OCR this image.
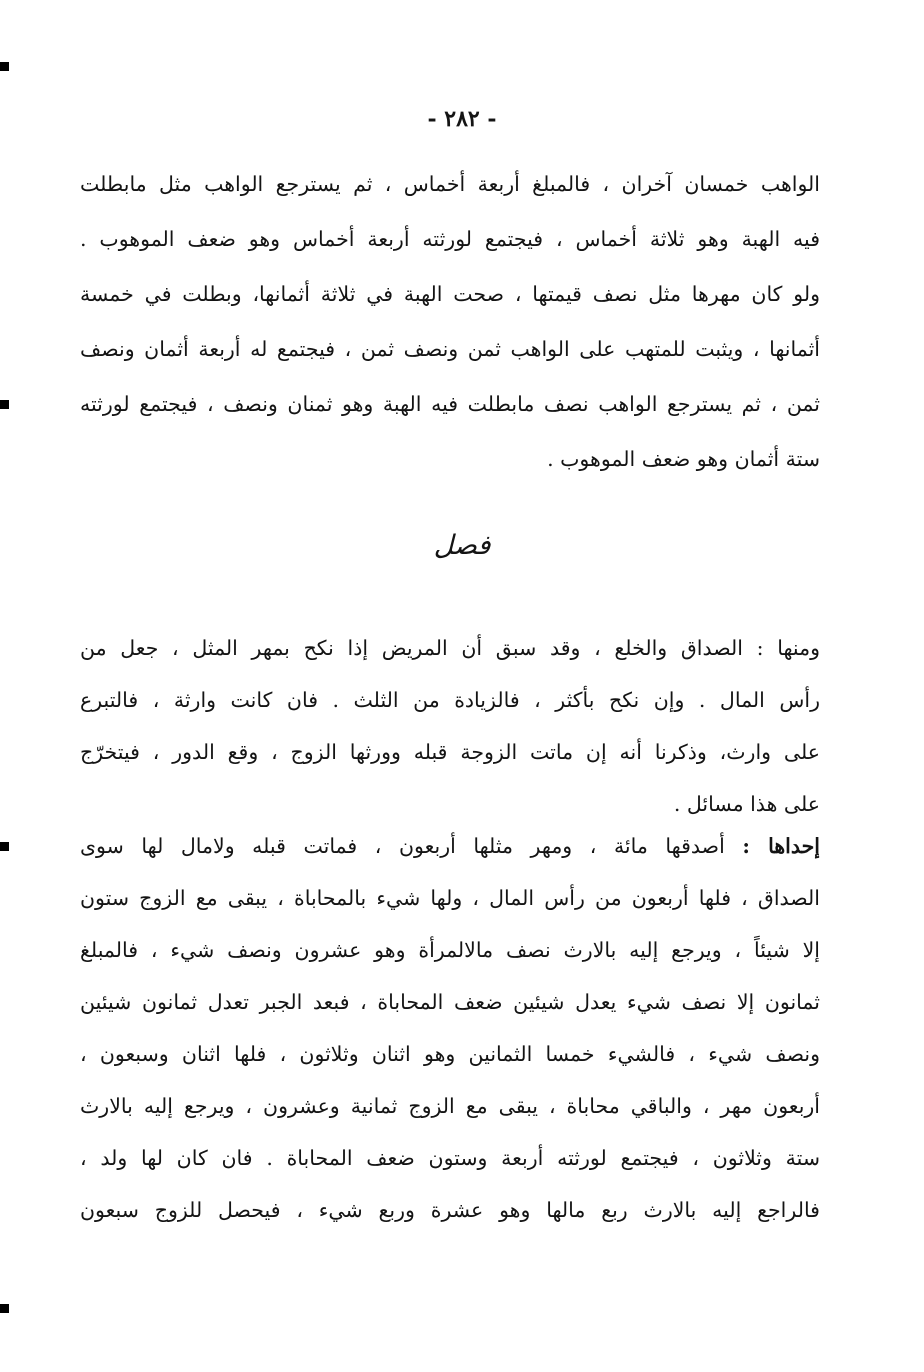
- ٢٨٢ -
الواهب خمسان آخران ، فالمبلغ أربعة أخماس ، ثم يسترجع الواهب مثل مابطلت
فيه الهبة وهو ثلاثة أخماس ، فيجتمع لورثته أربعة أخماس وهو ضعف الموهوب .
ولو كان مهرها مثل نصف قيمتها ، صحت الهبة في ثلاثة أثمانها، وبطلت في خمسة
أثمانها ، ويثبت للمتهب على الواهب ثمن ونصف ثمن ، فيجتمع له أربعة أثمان ونصف
ثمن ، ثم يسترجع الواهب نصف مابطلت فيه الهبة وهو ثمنان ونصف ، فيجتمع لورثته
ستة أثمان وهو ضعف الموهوب .
فصل
ومنها : الصداق والخلع ، وقد سبق أن المريض إذا نكح بمهر المثل ، جعل من
رأس المال . وإن نكح بأكثر ، فالزيادة من الثلث . فان كانت وارثة ، فالتبرع
على وارث، وذكرنا أنه إن ماتت الزوجة قبله وورثها الزوج ، وقع الدور ، فيتخرّج
على هذا مسائل .
إحداها : أصدقها مائة ، ومهر مثلها أربعون ، فماتت قبله ولامال لها سوى
الصداق ، فلها أربعون من رأس المال ، ولها شيء بالمحاباة ، يبقى مع الزوج ستون
إلا شيئاً ، ويرجع إليه بالارث نصف مالالمرأة وهو عشرون ونصف شيء ، فالمبلغ
ثمانون إلا نصف شيء يعدل شيئين ضعف المحاباة ، فبعد الجبر تعدل ثمانون شيئين
ونصف شيء ، فالشيء خمسا الثمانين وهو اثنان وثلاثون ، فلها اثنان وسبعون ،
أربعون مهر ، والباقي محاباة ، يبقى مع الزوج ثمانية وعشرون ، ويرجع إليه بالارث
ستة وثلاثون ، فيجتمع لورثته أربعة وستون ضعف المحاباة . فان كان لها ولد ،
فالراجع إليه بالارث ربع مالها وهو عشرة وربع شيء ، فيحصل للزوج سبعون
